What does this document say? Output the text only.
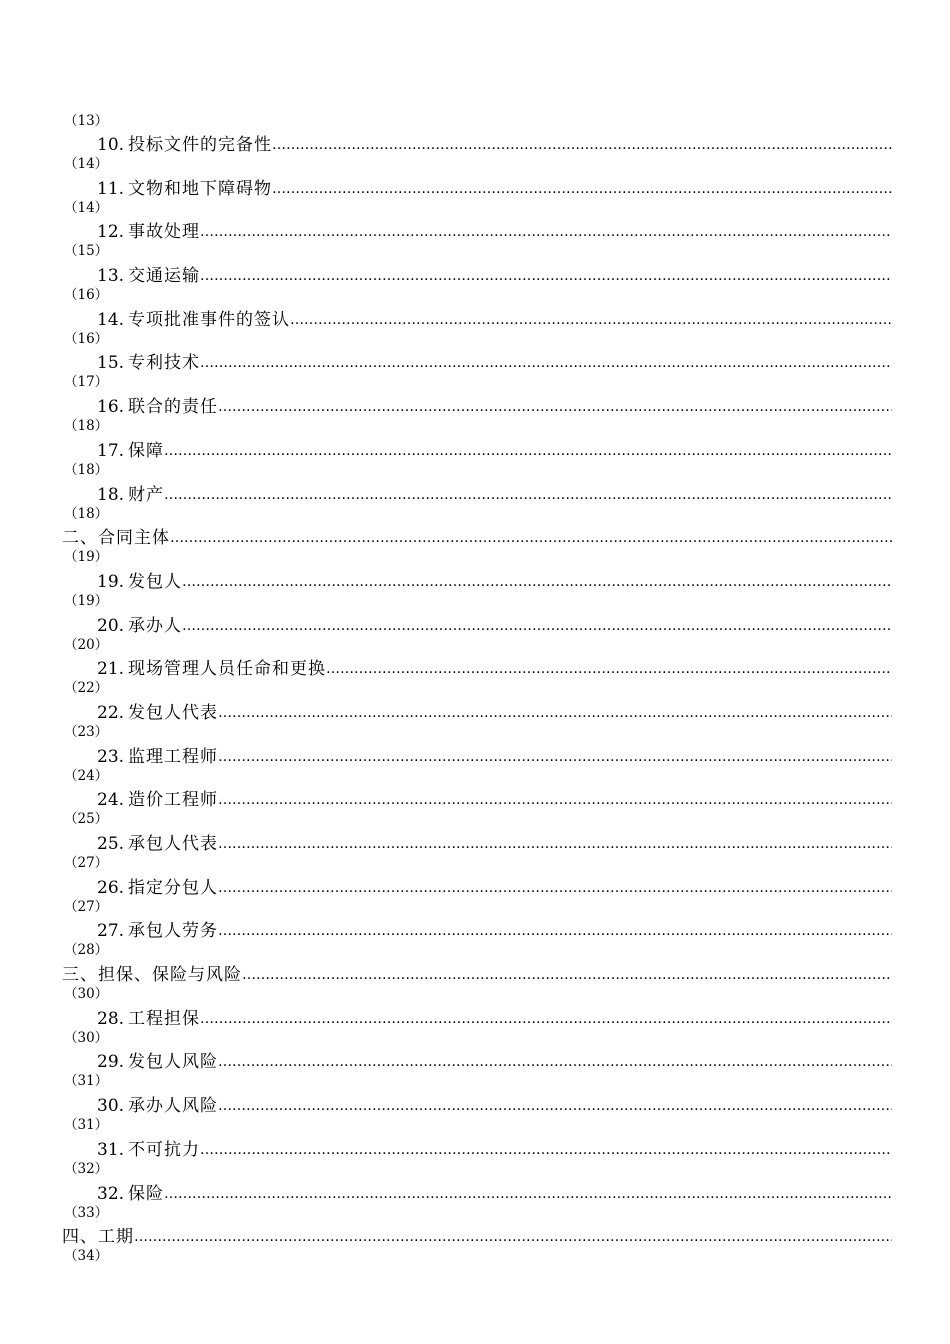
（13）
10. 投标文件的完备性
…………………………………………………………………………………………………………………………………………………………………………………………………………………
（14）
11. 文物和地下障碍物
…………………………………………………………………………………………………………………………………………………………………………………………………………………
（14）
12. 事故处理
…………………………………………………………………………………………………………………………………………………………………………………………………………………
（15）
13. 交通运输
…………………………………………………………………………………………………………………………………………………………………………………………………………………
（16）
14. 专项批准事件的签认
…………………………………………………………………………………………………………………………………………………………………………………………………………………
（16）
15. 专利技术
…………………………………………………………………………………………………………………………………………………………………………………………………………………
（17）
16. 联合的责任
…………………………………………………………………………………………………………………………………………………………………………………………………………………
（18）
17. 保障
…………………………………………………………………………………………………………………………………………………………………………………………………………………
（18）
18. 财产
…………………………………………………………………………………………………………………………………………………………………………………………………………………
（18）
二、合同主体
…………………………………………………………………………………………………………………………………………………………………………………………………………………
（19）
19. 发包人
…………………………………………………………………………………………………………………………………………………………………………………………………………………
（19）
20. 承办人
…………………………………………………………………………………………………………………………………………………………………………………………………………………
（20）
21. 现场管理人员任命和更换
…………………………………………………………………………………………………………………………………………………………………………………………………………………
（22）
22. 发包人代表
…………………………………………………………………………………………………………………………………………………………………………………………………………………
（23）
23. 监理工程师
…………………………………………………………………………………………………………………………………………………………………………………………………………………
（24）
24. 造价工程师
…………………………………………………………………………………………………………………………………………………………………………………………………………………
（25）
25. 承包人代表
…………………………………………………………………………………………………………………………………………………………………………………………………………………
（27）
26. 指定分包人
…………………………………………………………………………………………………………………………………………………………………………………………………………………
（27）
27. 承包人劳务
…………………………………………………………………………………………………………………………………………………………………………………………………………………
（28）
三、担保、保险与风险
…………………………………………………………………………………………………………………………………………………………………………………………………………………
（30）
28. 工程担保
…………………………………………………………………………………………………………………………………………………………………………………………………………………
（30）
29. 发包人风险
…………………………………………………………………………………………………………………………………………………………………………………………………………………
（31）
30. 承办人风险
…………………………………………………………………………………………………………………………………………………………………………………………………………………
（31）
31. 不可抗力
…………………………………………………………………………………………………………………………………………………………………………………………………………………
（32）
32. 保险
…………………………………………………………………………………………………………………………………………………………………………………………………………………
（33）
四、工期
…………………………………………………………………………………………………………………………………………………………………………………………………………………
（34）
